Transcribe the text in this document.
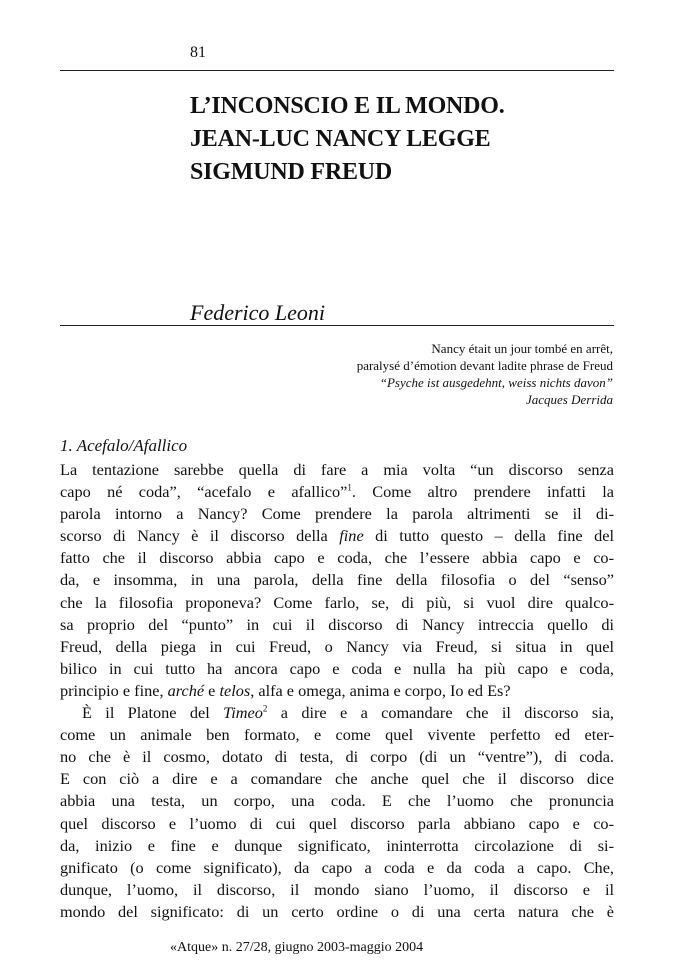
81
L’INCONSCIO E IL MONDO.
JEAN-LUC NANCY LEGGE
SIGMUND FREUD
Federico Leoni
Nancy était un jour tombé en arrêt,
paralysé d’émotion devant ladite phrase de Freud
“Psyche ist ausgedehnt, weiss nichts davon”
Jacques Derrida
1. Acefalo/Afallico
La tentazione sarebbe quella di fare a mia volta “un discorso senza
capo né coda”, “acefalo e afallico”$^1$. Come altro prendere infatti la
parola intorno a Nancy? Come prendere la parola altrimenti se il di-
scorso di Nancy è il discorso della fine di tutto questo – della fine del
fatto che il discorso abbia capo e coda, che l’essere abbia capo e co-
da, e insomma, in una parola, della fine della filosofia o del “senso”
che la filosofia proponeva? Come farlo, se, di più, si vuol dire qualco-
sa proprio del “punto” in cui il discorso di Nancy intreccia quello di
Freud, della piega in cui Freud, o Nancy via Freud, si situa in quel
bilico in cui tutto ha ancora capo e coda e nulla ha più capo e coda,
principio e fine, arché e telos, alfa e omega, anima e corpo, Io ed Es?
È il Platone del Timeo$^2$ a dire e a comandare che il discorso sia,
come un animale ben formato, e come quel vivente perfetto ed eter-
no che è il cosmo, dotato di testa, di corpo (di un “ventre”), di coda.
E con ciò a dire e a comandare che anche quel che il discorso dice
abbia una testa, un corpo, una coda. E che l’uomo che pronuncia
quel discorso e l’uomo di cui quel discorso parla abbiano capo e co-
da, inizio e fine e dunque significato, ininterrotta circolazione di si-
gnificato (o come significato), da capo a coda e da coda a capo. Che,
dunque, l’uomo, il discorso, il mondo siano l’uomo, il discorso e il
mondo del significato: di un certo ordine o di una certa natura che è
«Atque» n. 27/28, giugno 2003-maggio 2004
